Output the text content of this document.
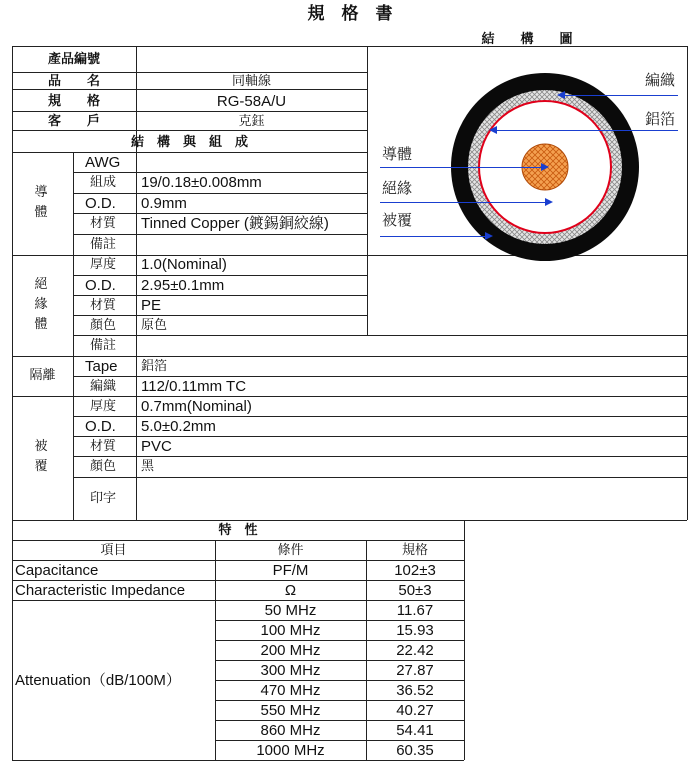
規　格　書
產品編號
品　　名	同軸線
規　　格	RG-58A/U
客　　戶	克鈺
結　構　與　組　成
導體
AWG
組成 19/0.18±0.008mm
O.D. 0.9mm
材質 Tinned Copper (鍍錫銅絞線)
備註
絕緣體
厚度 1.0(Nominal)
O.D. 2.95±0.1mm
材質 PE
顏色 原色
備註
隔離
Tape 鋁箔
編織 112/0.11mm TC
被覆
厚度 0.7mm(Nominal)
O.D. 5.0±0.2mm
材質 PVC
顏色 黑
印字
結　　構　　圖
編織
鋁箔
導體
絕緣
被覆
特　性
項目	條件	規格
Capacitance	PF/M	102±3
Characteristic Impedance	Ω	50±3
Attenuation（dB/100M）
50 MHz	11.67
100 MHz	15.93
200 MHz	22.42
300 MHz	27.87
470 MHz	36.52
550 MHz	40.27
860 MHz	54.41
1000 MHz	60.35
